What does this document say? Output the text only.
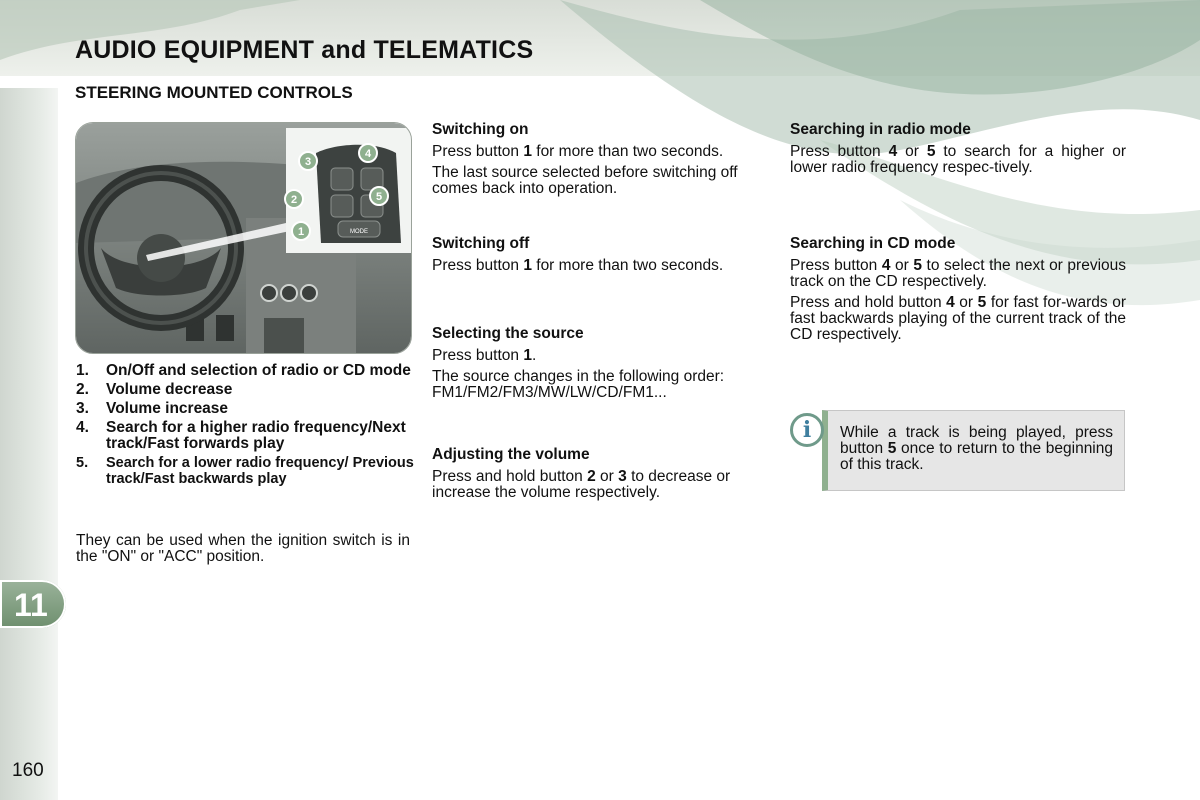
AUDIO EQUIPMENT and TELEMATICS
STEERING MOUNTED CONTROLS
MODE
3
4
2	5
1
1. On/Off and selection of radio or CD mode
2. Volume decrease
3. Volume increase
4. Search for a higher radio frequency/Next track/Fast forwards play
5. Search for a lower radio frequency/ Previous track/Fast backwards play
They can be used when the ignition switch is in the "ON" or "ACC" position.
Switching on
Press button 1 for more than two seconds.
The last source selected before switching off comes back into operation.
Switching off
Press button 1 for more than two seconds.
Selecting the source
Press button 1.
The source changes in the following order: FM1/FM2/FM3/MW/LW/CD/FM1...
Adjusting the volume
Press and hold button 2 or 3 to decrease or increase the volume respectively.
Searching in radio mode
Press button 4 or 5 to search for a higher or lower radio frequency respec-tively.
Searching in CD mode
Press button 4 or 5 to select the next or previous track on the CD respectively.
Press and hold button 4 or 5 for fast for-wards or fast backwards playing of the current track of the CD respectively.
i	While a track is being played, press button 5 once to return to the beginning of this track.
11
160
